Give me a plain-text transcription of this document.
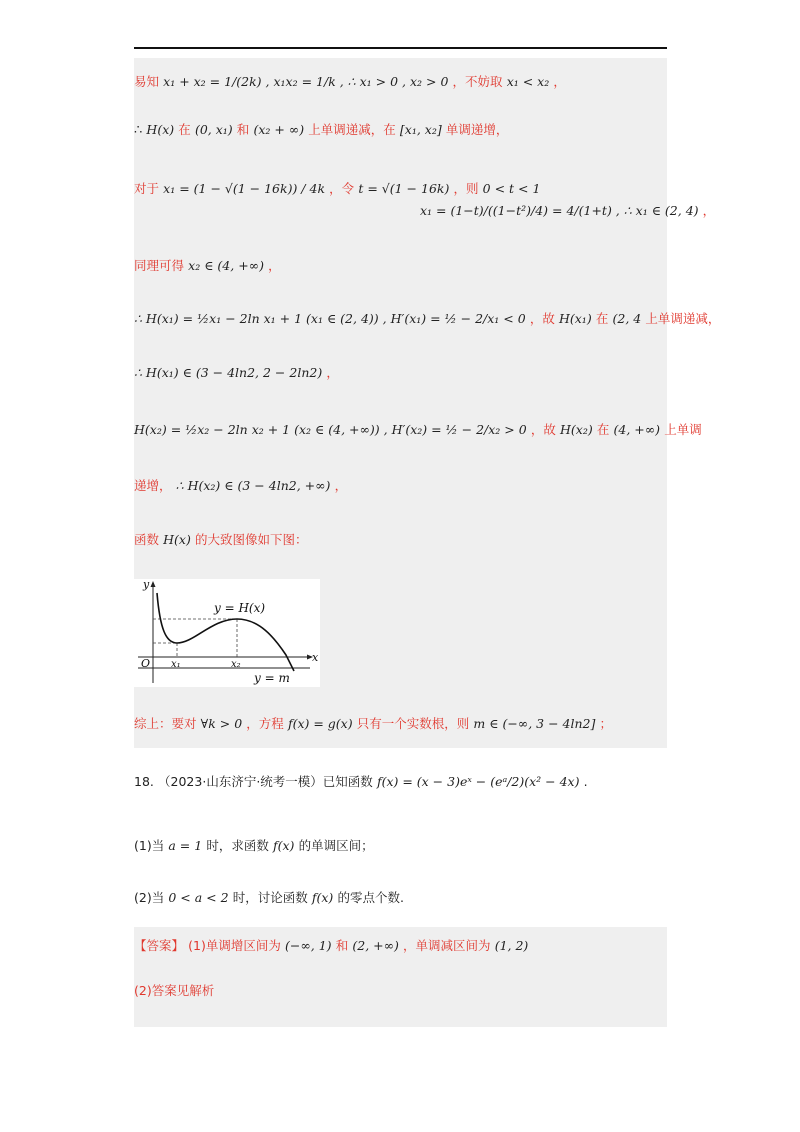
易知 x₁ + x₂ = 1/(2k) , x₁x₂ = 1/k , ∴ x₁ > 0 , x₂ > 0 ，不妨取 x₁ < x₂ ，
∴ H(x) 在 (0, x₁) 和 (x₂ + ∞) 上单调递减，在 [x₁, x₂] 单调递增，
对于 x₁ = (1 − √(1 − 16k)) / 4k ，令 t = √(1 − 16k) ，则 0 < t < 1
x₁ = (1−t)/((1−t²)/4) = 4/(1+t) , ∴ x₁ ∈ (2, 4) ，
同理可得 x₂ ∈ (4, +∞) ，
∴ H(x₁) = ½x₁ − 2ln x₁ + 1 (x₁ ∈ (2, 4)) , H′(x₁) = ½ − 2/x₁ < 0 ，故 H(x₁) 在 (2, 4 上单调递减，
∴ H(x₁) ∈ (3 − 4ln2, 2 − 2ln2) ，
H(x₂) = ½x₂ − 2ln x₂ + 1 (x₂ ∈ (4, +∞)) , H′(x₂) = ½ − 2/x₂ > 0 ，故 H(x₂) 在 (4, +∞) 上单调
递增， ∴ H(x₂) ∈ (3 − 4ln2, +∞) ，
函数 H(x) 的大致图像如下图：
y
x
O x₁	x₂
y = H(x)
y = m
综上：要对 ∀k > 0 ，方程 f(x) = g(x) 只有一个实数根，则 m ∈ (−∞, 3 − 4ln2] ；
18. （2023·山东济宁·统考一模）已知函数 f(x) = (x − 3)eˣ − (eᵃ/2)(x² − 4x) .
(1)当 a = 1 时，求函数 f(x) 的单调区间；
(2)当 0 < a < 2 时，讨论函数 f(x) 的零点个数.
【答案】 (1)单调增区间为 (−∞, 1) 和 (2, +∞) ，单调减区间为 (1, 2)
(2)答案见解析
